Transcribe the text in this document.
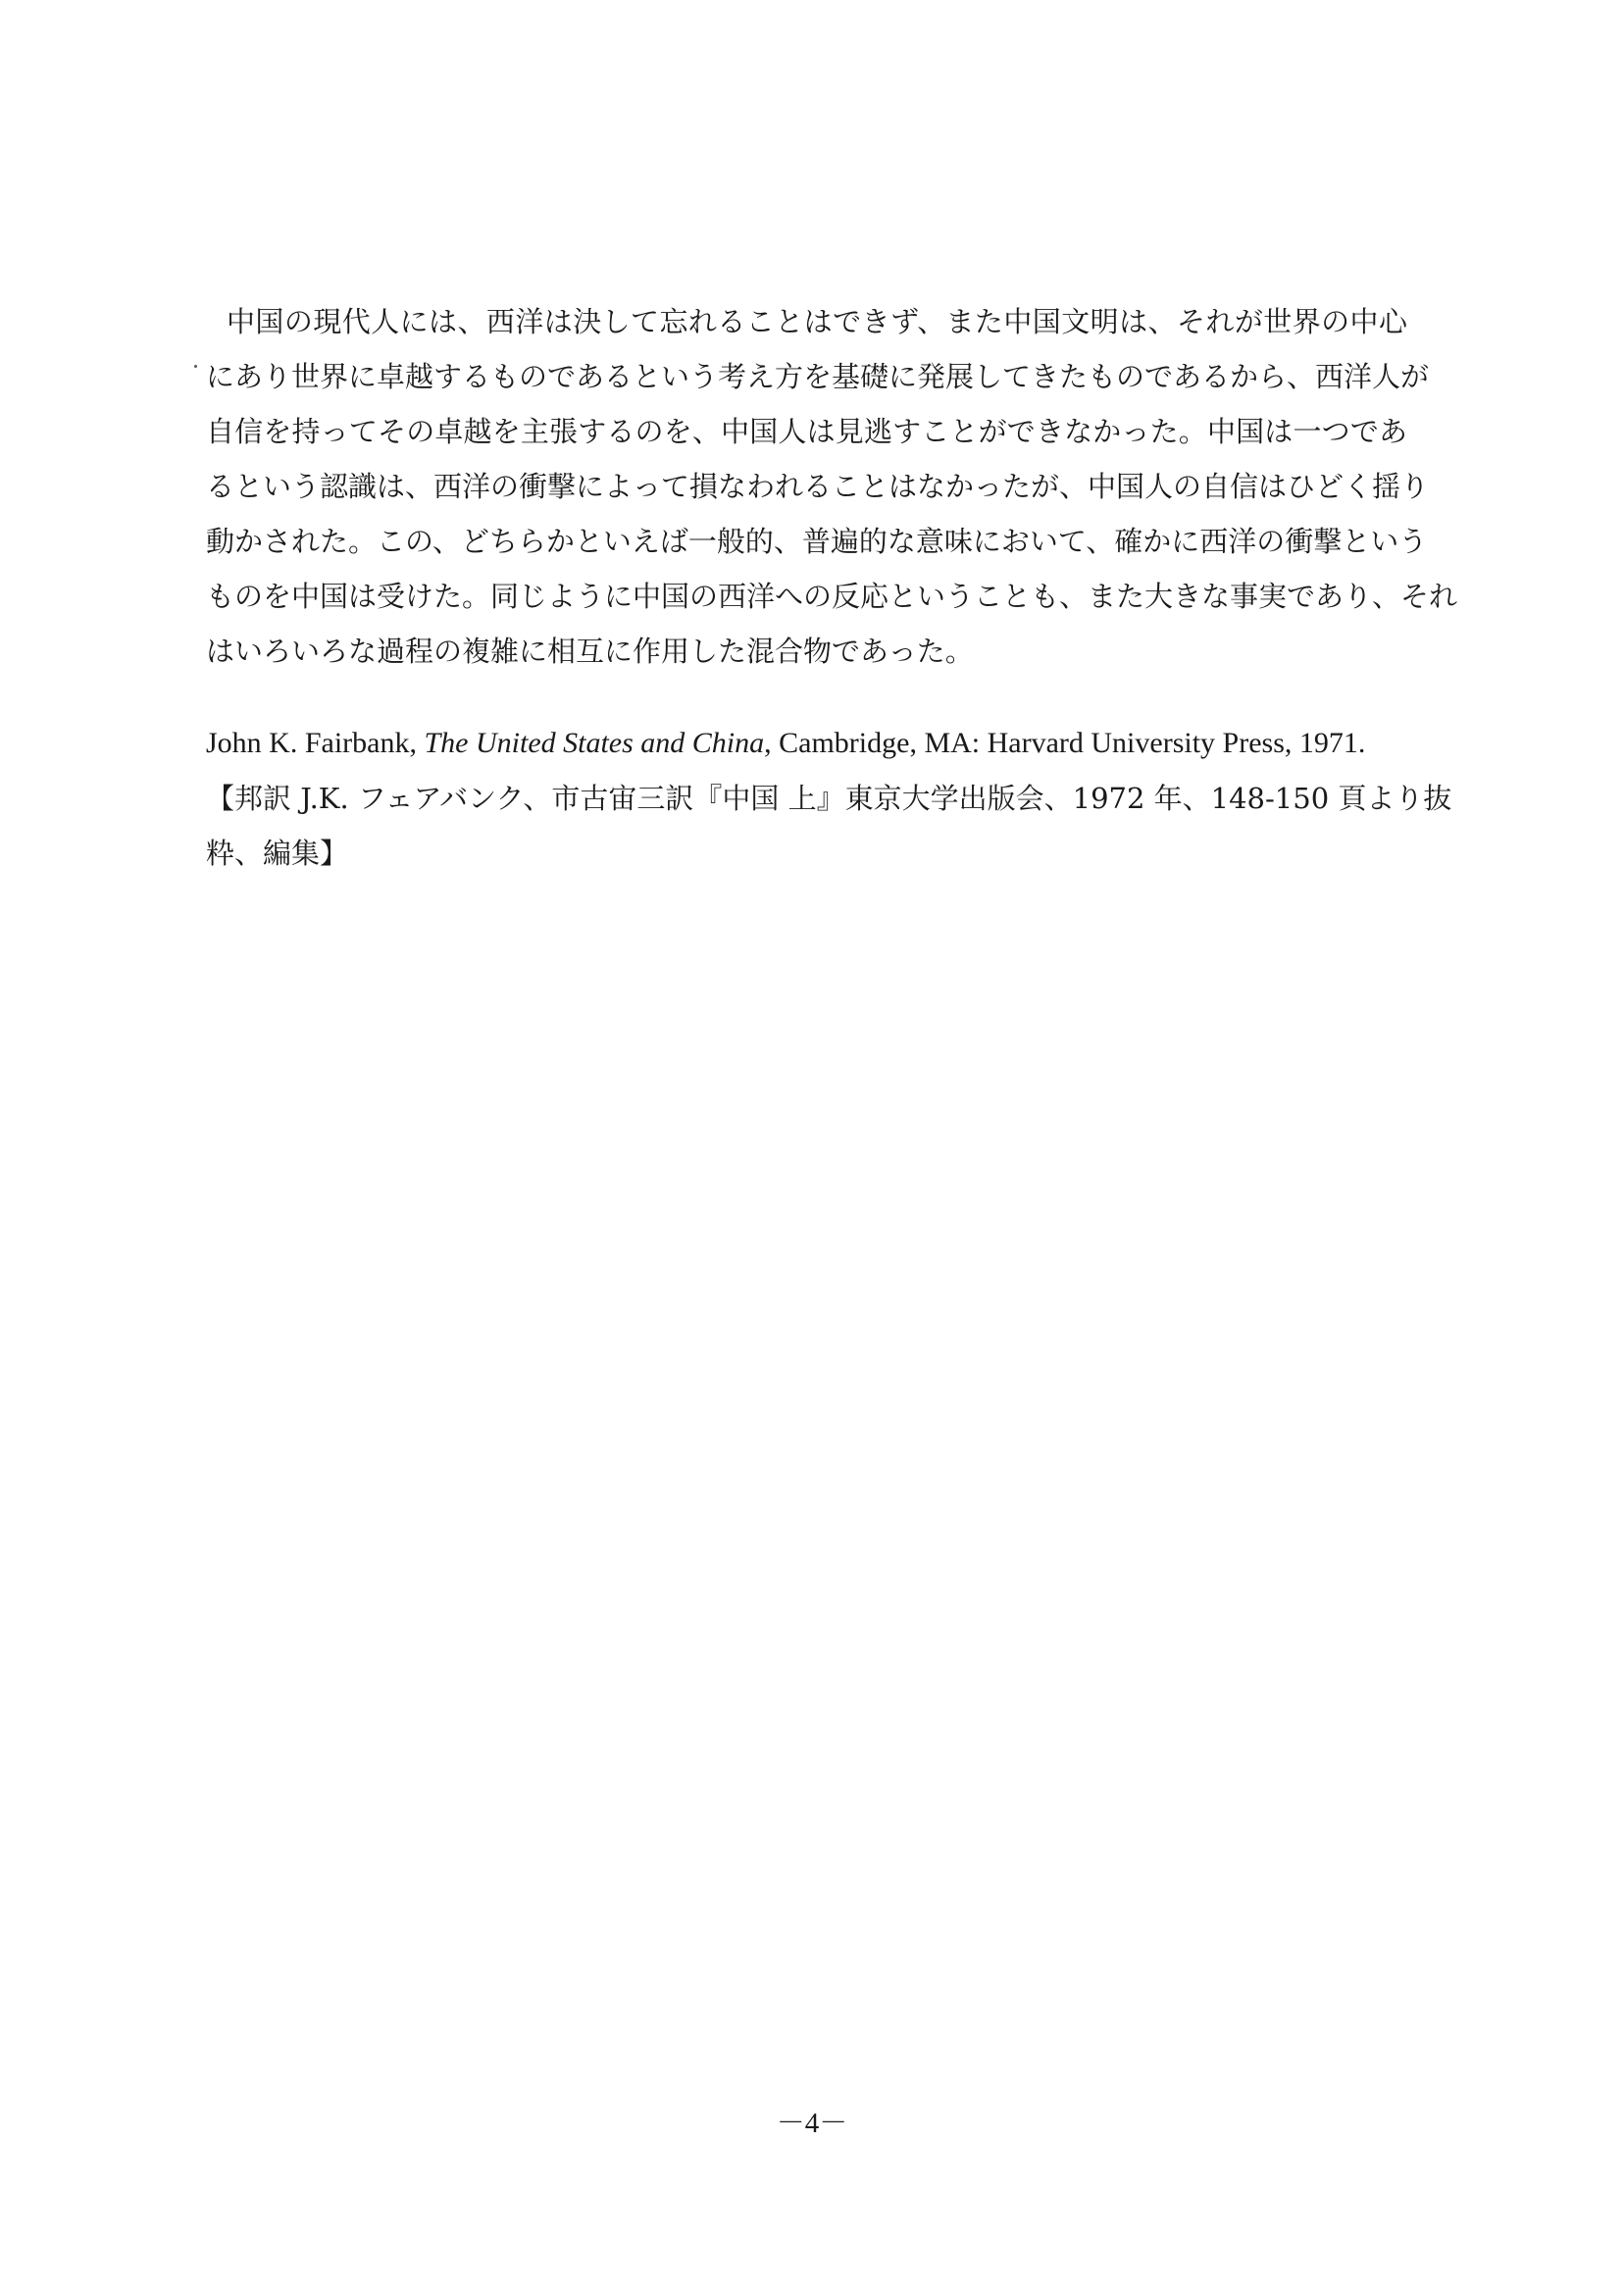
中国の現代人には、西洋は決して忘れることはできず、また中国文明は、それが世界の中心
にあり世界に卓越するものであるという考え方を基礎に発展してきたものであるから、西洋人が
自信を持ってその卓越を主張するのを、中国人は見逃すことができなかった。中国は一つであ
るという認識は、西洋の衝撃によって損なわれることはなかったが、中国人の自信はひどく揺り
動かされた。この、どちらかといえば一般的、普遍的な意味において、確かに西洋の衝撃という
ものを中国は受けた。同じように中国の西洋への反応ということも、また大きな事実であり、それ
はいろいろな過程の複雑に相互に作用した混合物であった。
John K. Fairbank, The United States and China, Cambridge, MA: Harvard University Press, 1971.
【邦訳 J.K. フェアバンク、市古宙三訳『中国 上』東京大学出版会、1972 年、148-150 頁より抜
粋、編集】
－4－
